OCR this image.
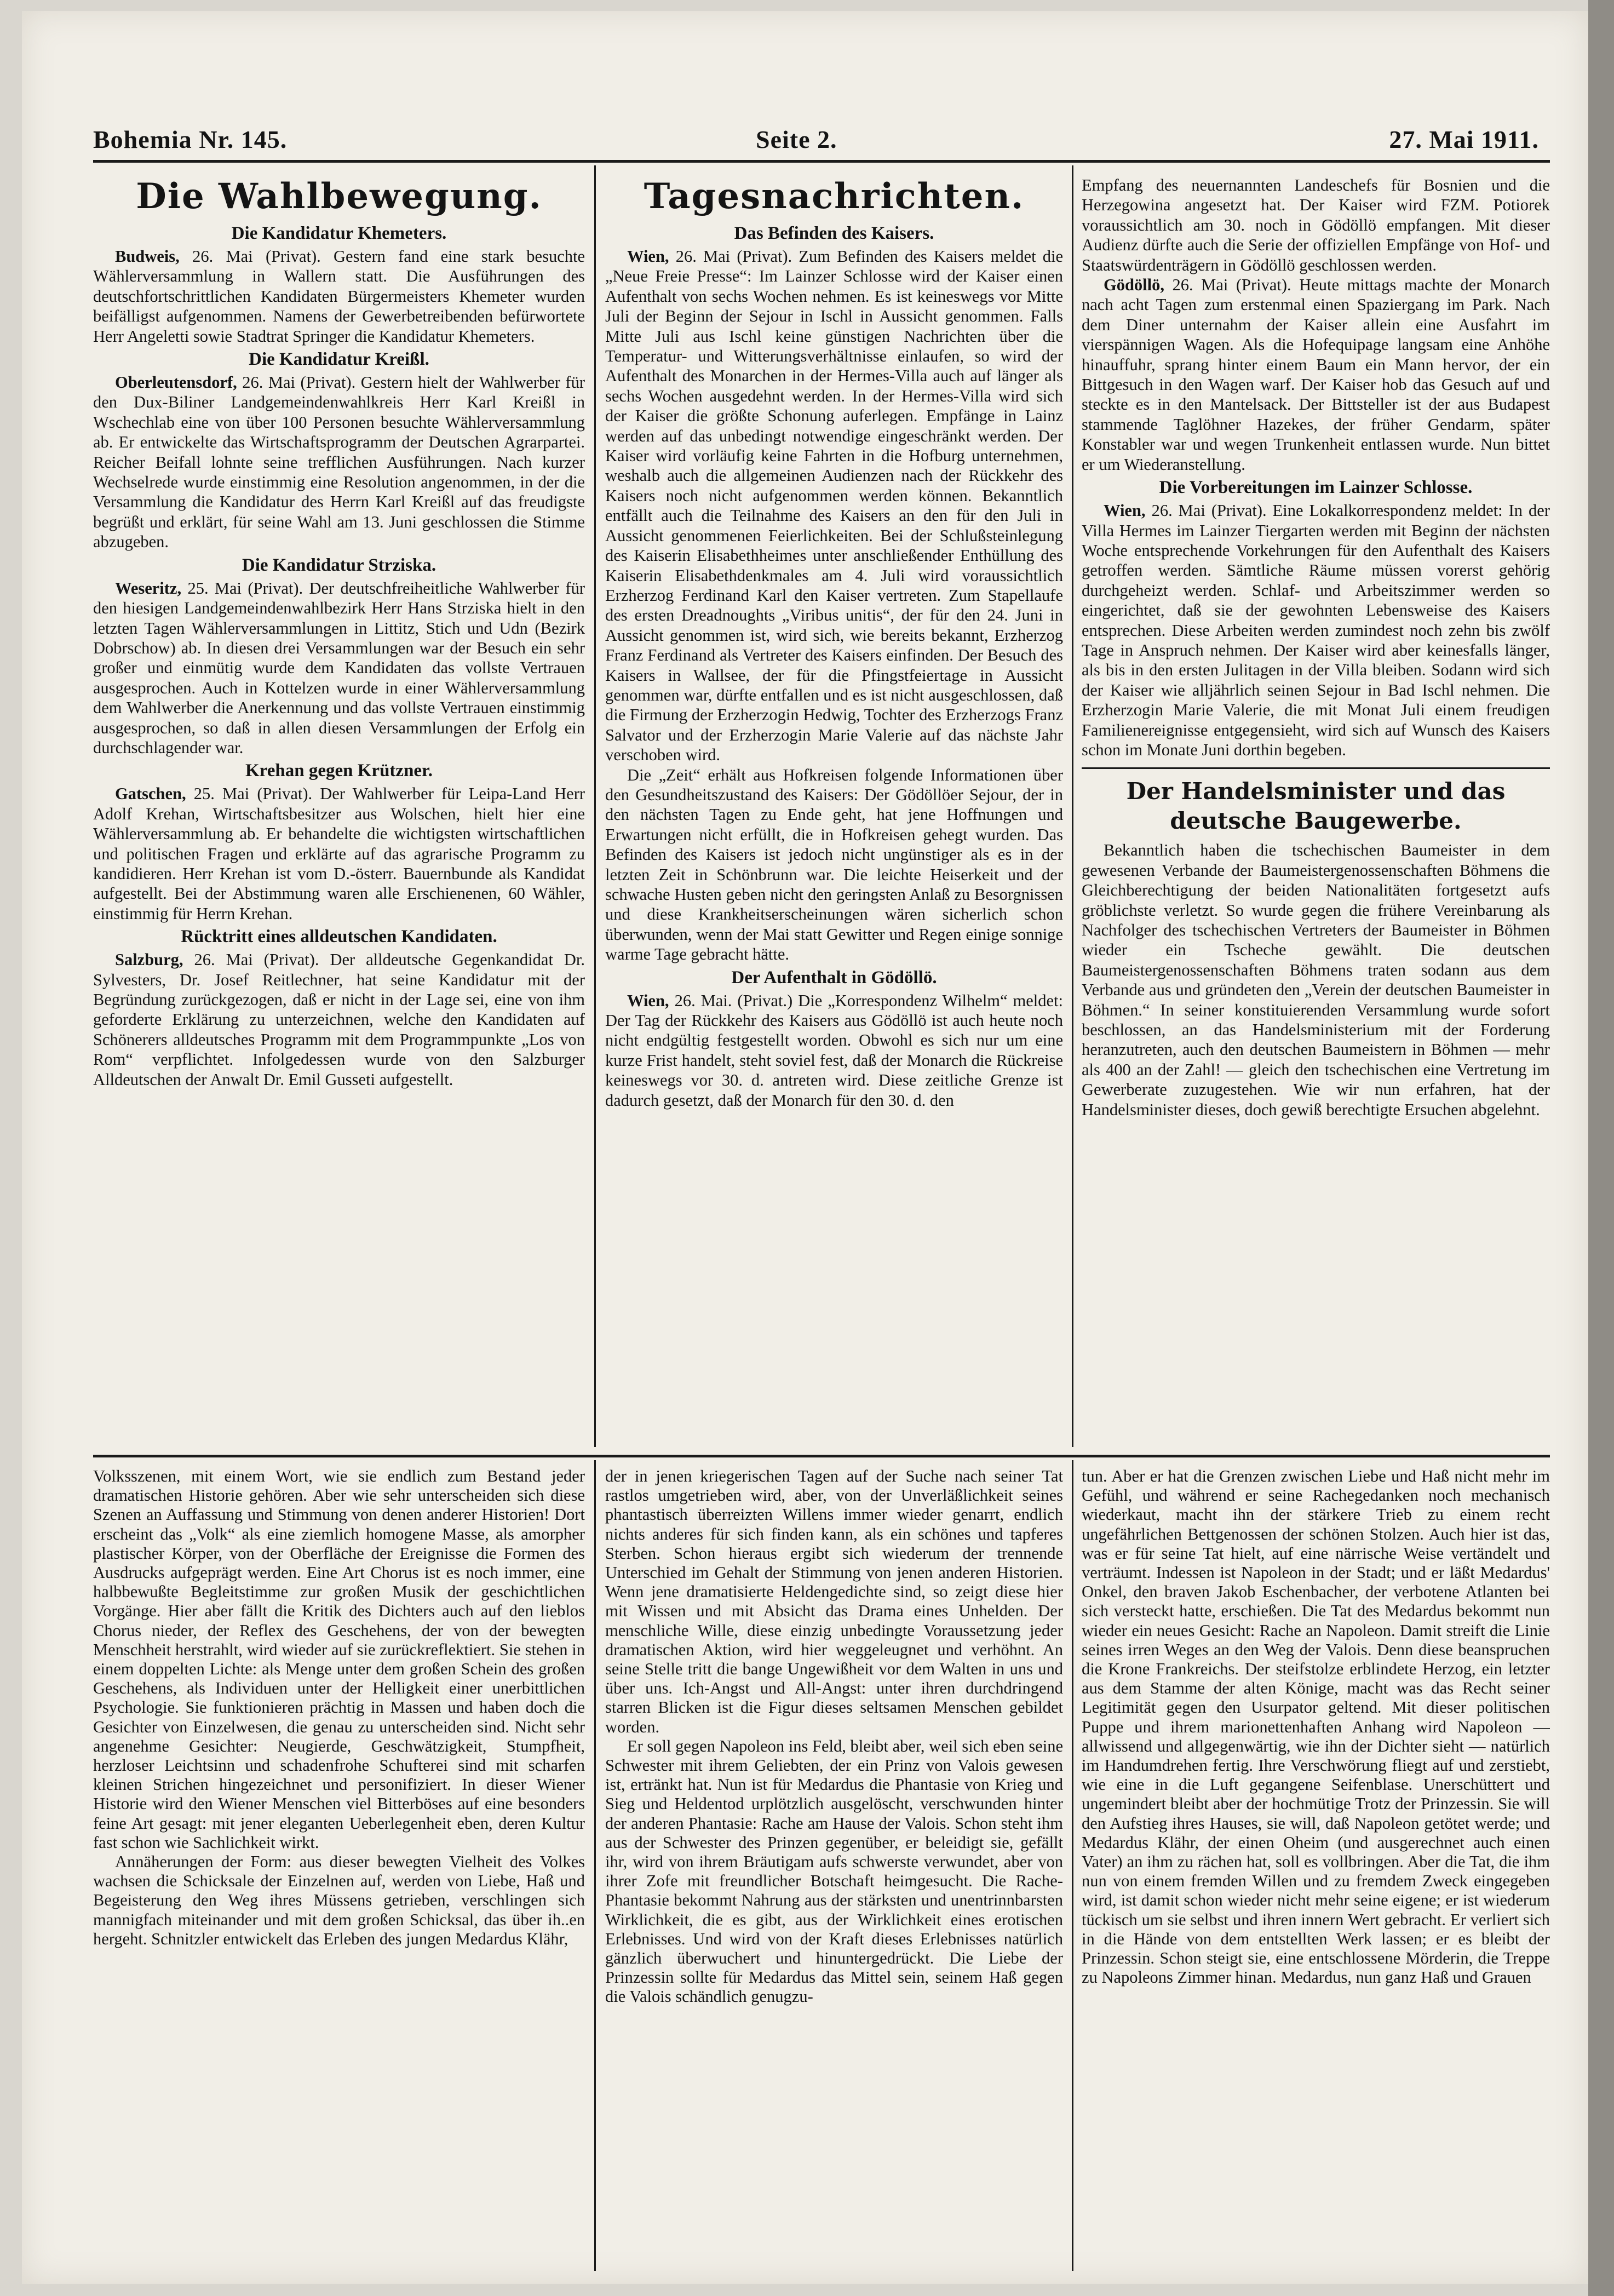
Bohemia Nr. 145.	Seite 2.	27. Mai 1911.
Die Wahlbewegung.
Die Kandidatur Khemeters.

Budweis, 26. Mai (Privat). Gestern fand eine stark besuchte Wählerversammlung in Wallern statt. Die Ausführungen des deutschfortschrittlichen Kandidaten Bürgermeisters Khemeter wurden beifälligst aufgenommen. Namens der Gewerbetreibenden befürwortete Herr Angeletti sowie Stadtrat Springer die Kandidatur Khemeters.

Die Kandidatur Kreißl.

Oberleutensdorf, 26. Mai (Privat). Gestern hielt der Wahlwerber für den Dux-Biliner Landgemeindenwahlkreis Herr Karl Kreißl in Wschechlab eine von über 100 Personen besuchte Wählerversammlung ab. Er entwickelte das Wirtschaftsprogramm der Deutschen Agrarpartei. Reicher Beifall lohnte seine trefflichen Ausführungen. Nach kurzer Wechselrede wurde einstimmig eine Resolution angenommen, in der die Versammlung die Kandidatur des Herrn Karl Kreißl auf das freudigste begrüßt und erklärt, für seine Wahl am 13. Juni geschlossen die Stimme abzugeben.

Die Kandidatur Strziska.

Weseritz, 25. Mai (Privat). Der deutschfreiheitliche Wahlwerber für den hiesigen Landgemeindenwahlbezirk Herr Hans Strziska hielt in den letzten Tagen Wählerversammlungen in Littitz, Stich und Udn (Bezirk Dobrschow) ab. In diesen drei Versammlungen war der Besuch ein sehr großer und einmütig wurde dem Kandidaten das vollste Vertrauen ausgesprochen. Auch in Kottelzen wurde in einer Wählerversammlung dem Wahlwerber die Anerkennung und das vollste Vertrauen einstimmig ausgesprochen, so daß in allen diesen Versammlungen der Erfolg ein durchschlagender war.

Krehan gegen Krützner.

Gatschen, 25. Mai (Privat). Der Wahlwerber für Leipa-Land Herr Adolf Krehan, Wirtschaftsbesitzer aus Wolschen, hielt hier eine Wählerversammlung ab. Er behandelte die wichtigsten wirtschaftlichen und politischen Fragen und erklärte auf das agrarische Programm zu kandidieren. Herr Krehan ist vom D.-österr. Bauernbunde als Kandidat aufgestellt. Bei der Abstimmung waren alle Erschienenen, 60 Wähler, einstimmig für Herrn Krehan.

Rücktritt eines alldeutschen Kandidaten.

Salzburg, 26. Mai (Privat). Der alldeutsche Gegenkandidat Dr. Sylvesters, Dr. Josef Reitlechner, hat seine Kandidatur mit der Begründung zurückgezogen, daß er nicht in der Lage sei, eine von ihm geforderte Erklärung zu unterzeichnen, welche den Kandidaten auf Schönerers alldeutsches Programm mit dem Programmpunkte „Los von Rom“ verpflichtet. Infolgedessen wurde von den Salzburger Alldeutschen der Anwalt Dr. Emil Gusseti aufgestellt.

Tagesnachrichten.
Das Befinden des Kaisers.

Wien, 26. Mai (Privat). Zum Befinden des Kaisers meldet die „Neue Freie Presse“: Im Lainzer Schlosse wird der Kaiser einen Aufenthalt von sechs Wochen nehmen. Es ist keineswegs vor Mitte Juli der Beginn der Sejour in Ischl in Aussicht genommen. Falls Mitte Juli aus Ischl keine günstigen Nachrichten über die Temperatur- und Witterungsverhältnisse einlaufen, so wird der Aufenthalt des Monarchen in der Hermes-Villa auch auf länger als sechs Wochen ausgedehnt werden. In der Hermes-Villa wird sich der Kaiser die größte Schonung auferlegen. Empfänge in Lainz werden auf das unbedingt notwendige eingeschränkt werden. Der Kaiser wird vorläufig keine Fahrten in die Hofburg unternehmen, weshalb auch die allgemeinen Audienzen nach der Rückkehr des Kaisers noch nicht aufgenommen werden können. Bekanntlich entfällt auch die Teilnahme des Kaisers an den für den Juli in Aussicht genommenen Feierlichkeiten. Bei der Schlußsteinlegung des Kaiserin Elisabethheimes unter anschließender Enthüllung des Kaiserin Elisabethdenkmales am 4. Juli wird voraussichtlich Erzherzog Ferdinand Karl den Kaiser vertreten. Zum Stapellaufe des ersten Dreadnoughts „Viribus unitis“, der für den 24. Juni in Aussicht genommen ist, wird sich, wie bereits bekannt, Erzherzog Franz Ferdinand als Vertreter des Kaisers einfinden. Der Besuch des Kaisers in Wallsee, der für die Pfingstfeiertage in Aussicht genommen war, dürfte entfallen und es ist nicht ausgeschlossen, daß die Firmung der Erzherzogin Hedwig, Tochter des Erzherzogs Franz Salvator und der Erzherzogin Marie Valerie auf das nächste Jahr verschoben wird.

Die „Zeit“ erhält aus Hofkreisen folgende Informationen über den Gesundheitszustand des Kaisers: Der Gödöllöer Sejour, der in den nächsten Tagen zu Ende geht, hat jene Hoffnungen und Erwartungen nicht erfüllt, die in Hofkreisen gehegt wurden. Das Befinden des Kaisers ist jedoch nicht ungünstiger als es in der letzten Zeit in Schönbrunn war. Die leichte Heiserkeit und der schwache Husten geben nicht den geringsten Anlaß zu Besorgnissen und diese Krankheitserscheinungen wären sicherlich schon überwunden, wenn der Mai statt Gewitter und Regen einige sonnige warme Tage gebracht hätte.

Der Aufenthalt in Gödöllö.

Wien, 26. Mai. (Privat.) Die „Korrespondenz Wilhelm“ meldet: Der Tag der Rückkehr des Kaisers aus Gödöllö ist auch heute noch nicht endgültig festgestellt worden. Obwohl es sich nur um eine kurze Frist handelt, steht soviel fest, daß der Monarch die Rückreise keineswegs vor 30. d. antreten wird. Diese zeitliche Grenze ist dadurch gesetzt, daß der Monarch für den 30. d. den

Empfang des neuernannten Landeschefs für Bosnien und die Herzegowina angesetzt hat. Der Kaiser wird FZM. Potiorek voraussichtlich am 30. noch in Gödöllö empfangen. Mit dieser Audienz dürfte auch die Serie der offiziellen Empfänge von Hof- und Staatswürdenträgern in Gödöllö geschlossen werden.

Gödöllö, 26. Mai (Privat). Heute mittags machte der Monarch nach acht Tagen zum erstenmal einen Spaziergang im Park. Nach dem Diner unternahm der Kaiser allein eine Ausfahrt im vierspännigen Wagen. Als die Hofequipage langsam eine Anhöhe hinauffuhr, sprang hinter einem Baum ein Mann hervor, der ein Bittgesuch in den Wagen warf. Der Kaiser hob das Gesuch auf und steckte es in den Mantelsack. Der Bittsteller ist der aus Budapest stammende Taglöhner Hazekes, der früher Gendarm, später Konstabler war und wegen Trunkenheit entlassen wurde. Nun bittet er um Wiederanstellung.

Die Vorbereitungen im Lainzer Schlosse.

Wien, 26. Mai (Privat). Eine Lokalkorrespondenz meldet: In der Villa Hermes im Lainzer Tiergarten werden mit Beginn der nächsten Woche entsprechende Vorkehrungen für den Aufenthalt des Kaisers getroffen werden. Sämtliche Räume müssen vorerst gehörig durchgeheizt werden. Schlaf- und Arbeitszimmer werden so eingerichtet, daß sie der gewohnten Lebensweise des Kaisers entsprechen. Diese Arbeiten werden zumindest noch zehn bis zwölf Tage in Anspruch nehmen. Der Kaiser wird aber keinesfalls länger, als bis in den ersten Julitagen in der Villa bleiben. Sodann wird sich der Kaiser wie alljährlich seinen Sejour in Bad Ischl nehmen. Die Erzherzogin Marie Valerie, die mit Monat Juli einem freudigen Familienereignisse entgegensieht, wird sich auf Wunsch des Kaisers schon im Monate Juni dorthin begeben.

Der Handelsminister und das deutsche Baugewerbe.

Bekanntlich haben die tschechischen Baumeister in dem gewesenen Verbande der Baumeistergenossenschaften Böhmens die Gleichberechtigung der beiden Nationalitäten fortgesetzt aufs gröblichste verletzt. So wurde gegen die frühere Vereinbarung als Nachfolger des tschechischen Vertreters der Baumeister in Böhmen wieder ein Tscheche gewählt. Die deutschen Baumeistergenossenschaften Böhmens traten sodann aus dem Verbande aus und gründeten den „Verein der deutschen Baumeister in Böhmen.“ In seiner konstituierenden Versammlung wurde sofort beschlossen, an das Handelsministerium mit der Forderung heranzutreten, auch den deutschen Baumeistern in Böhmen — mehr als 400 an der Zahl! — gleich den tschechischen eine Vertretung im Gewerberate zuzugestehen. Wie wir nun erfahren, hat der Handelsminister dieses, doch gewiß berechtigte Ersuchen abgelehnt.

Volksszenen, mit einem Wort, wie sie endlich zum Bestand jeder dramatischen Historie gehören. Aber wie sehr unterscheiden sich diese Szenen an Auffassung und Stimmung von denen anderer Historien! Dort erscheint das „Volk“ als eine ziemlich homogene Masse, als amorpher plastischer Körper, von der Oberfläche der Ereignisse die Formen des Ausdrucks aufgeprägt werden. Eine Art Chorus ist es noch immer, eine halbbewußte Begleitstimme zur großen Musik der geschichtlichen Vorgänge. Hier aber fällt die Kritik des Dichters auch auf den lieblos Chorus nieder, der Reflex des Geschehens, der von der bewegten Menschheit herstrahlt, wird wieder auf sie zurückreflektiert. Sie stehen in einem doppelten Lichte: als Menge unter dem großen Schein des großen Geschehens, als Individuen unter der Helligkeit einer unerbittlichen Psychologie. Sie funktionieren prächtig in Massen und haben doch die Gesichter von Einzelwesen, die genau zu unterscheiden sind. Nicht sehr angenehme Gesichter: Neugierde, Geschwätzigkeit, Stumpfheit, herzloser Leichtsinn und schadenfrohe Schufterei sind mit scharfen kleinen Strichen hingezeichnet und personifiziert. In dieser Wiener Historie wird den Wiener Menschen viel Bitterböses auf eine besonders feine Art gesagt: mit jener eleganten Ueberlegenheit eben, deren Kultur fast schon wie Sachlichkeit wirkt.

Annäherungen der Form: aus dieser bewegten Vielheit des Volkes wachsen die Schicksale der Einzelnen auf, werden von Liebe, Haß und Begeisterung den Weg ihres Müssens getrieben, verschlingen sich mannigfach miteinander und mit dem großen Schicksal, das über ih..en hergeht. Schnitzler entwickelt das Erleben des jungen Medardus Klähr,

der in jenen kriegerischen Tagen auf der Suche nach seiner Tat rastlos umgetrieben wird, aber, von der Unverläßlichkeit seines phantastisch überreizten Willens immer wieder genarrt, endlich nichts anderes für sich finden kann, als ein schönes und tapferes Sterben. Schon hieraus ergibt sich wiederum der trennende Unterschied im Gehalt der Stimmung von jenen anderen Historien. Wenn jene dramatisierte Heldengedichte sind, so zeigt diese hier mit Wissen und mit Absicht das Drama eines Unhelden. Der menschliche Wille, diese einzig unbedingte Voraussetzung jeder dramatischen Aktion, wird hier weggeleugnet und verhöhnt. An seine Stelle tritt die bange Ungewißheit vor dem Walten in uns und über uns. Ich-Angst und All-Angst: unter ihren durchdringend starren Blicken ist die Figur dieses seltsamen Menschen gebildet worden.

Er soll gegen Napoleon ins Feld, bleibt aber, weil sich eben seine Schwester mit ihrem Geliebten, der ein Prinz von Valois gewesen ist, ertränkt hat. Nun ist für Medardus die Phantasie von Krieg und Sieg und Heldentod urplötzlich ausgelöscht, verschwunden hinter der anderen Phantasie: Rache am Hause der Valois. Schon steht ihm aus der Schwester des Prinzen gegenüber, er beleidigt sie, gefällt ihr, wird von ihrem Bräutigam aufs schwerste verwundet, aber von ihrer Zofe mit freundlicher Botschaft heimgesucht. Die Rache-Phantasie bekommt Nahrung aus der stärksten und unentrinnbarsten Wirklichkeit, die es gibt, aus der Wirklichkeit eines erotischen Erlebnisses. Und wird von der Kraft dieses Erlebnisses natürlich gänzlich überwuchert und hinuntergedrückt. Die Liebe der Prinzessin sollte für Medardus das Mittel sein, seinem Haß gegen die Valois schändlich genugzu-

tun. Aber er hat die Grenzen zwischen Liebe und Haß nicht mehr im Gefühl, und während er seine Rachegedanken noch mechanisch wiederkaut, macht ihn der stärkere Trieb zu einem recht ungefährlichen Bettgenossen der schönen Stolzen. Auch hier ist das, was er für seine Tat hielt, auf eine närrische Weise vertändelt und verträumt. Indessen ist Napoleon in der Stadt; und er läßt Medardus' Onkel, den braven Jakob Eschenbacher, der verbotene Atlanten bei sich versteckt hatte, erschießen. Die Tat des Medardus bekommt nun wieder ein neues Gesicht: Rache an Napoleon. Damit streift die Linie seines irren Weges an den Weg der Valois. Denn diese beanspruchen die Krone Frankreichs. Der steifstolze erblindete Herzog, ein letzter aus dem Stamme der alten Könige, macht was das Recht seiner Legitimität gegen den Usurpator geltend. Mit dieser politischen Puppe und ihrem marionettenhaften Anhang wird Napoleon — allwissend und allgegenwärtig, wie ihn der Dichter sieht — natürlich im Handumdrehen fertig. Ihre Verschwörung fliegt auf und zerstiebt, wie eine in die Luft gegangene Seifenblase. Unerschüttert und ungemindert bleibt aber der hochmütige Trotz der Prinzessin. Sie will den Aufstieg ihres Hauses, sie will, daß Napoleon getötet werde; und Medardus Klähr, der einen Oheim (und ausgerechnet auch einen Vater) an ihm zu rächen hat, soll es vollbringen. Aber die Tat, die ihm nun von einem fremden Willen und zu fremdem Zweck eingegeben wird, ist damit schon wieder nicht mehr seine eigene; er ist wiederum tückisch um sie selbst und ihren innern Wert gebracht. Er verliert sich in die Hände von dem entstellten Werk lassen; er es bleibt der Prinzessin. Schon steigt sie, eine entschlossene Mörderin, die Treppe zu Napoleons Zimmer hinan. Medardus, nun ganz Haß und Grauen
